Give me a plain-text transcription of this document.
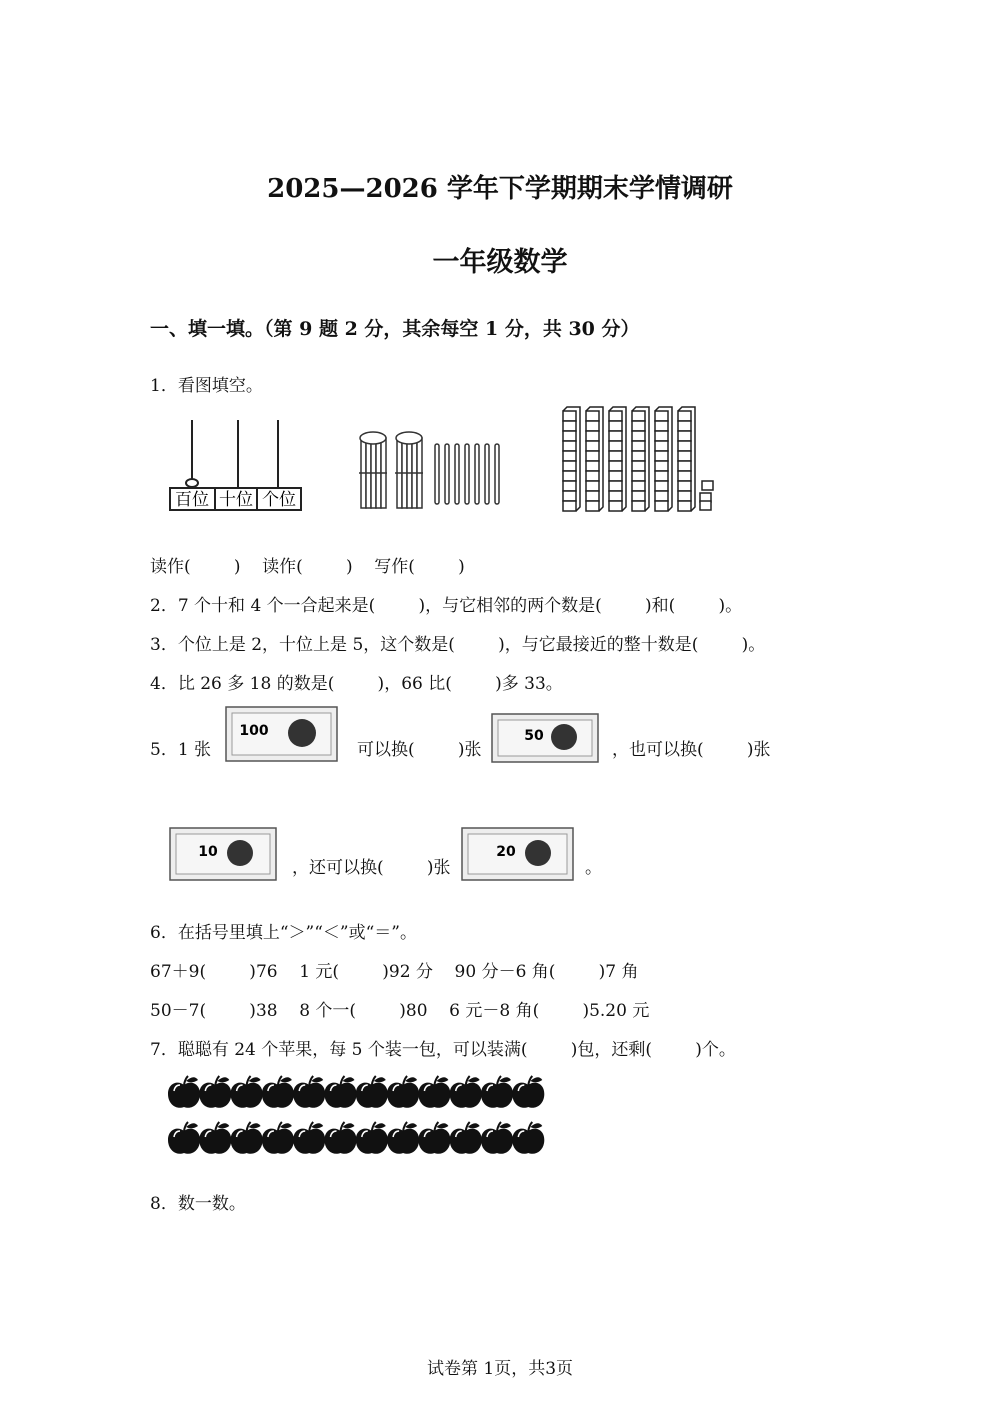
2025—2026 学年下学期期末学情调研
一年级数学
一、填一填。（第 9 题 2 分，其余每空 1 分，共 30 分）
1．看图填空。
百位 十位 个位
读作(        )    读作(        )    写作(        )
2．7 个十和 4 个一合起来是(        )，与它相邻的两个数是(        )和(        )。
3．个位上是 2，十位上是 5，这个数是(        )，与它最接近的整十数是(        )。
4．比 26 多 18 的数是(        )，66 比(        )多 33。
5．1 张
100
可以换(        )张
50
，也可以换(        )张
10
，还可以换(        )张
20
。
6．在括号里填上“＞”“＜”或“＝”。
67＋9(        )76    1 元(        )92 分    90 分－6 角(        )7 角
50－7(        )38    8 个一(        )80    6 元－8 角(        )5.20 元
7．聪聪有 24 个苹果，每 5 个装一包，可以装满(        )包，还剩(        )个。
8．数一数。
试卷第 1页，共3页
